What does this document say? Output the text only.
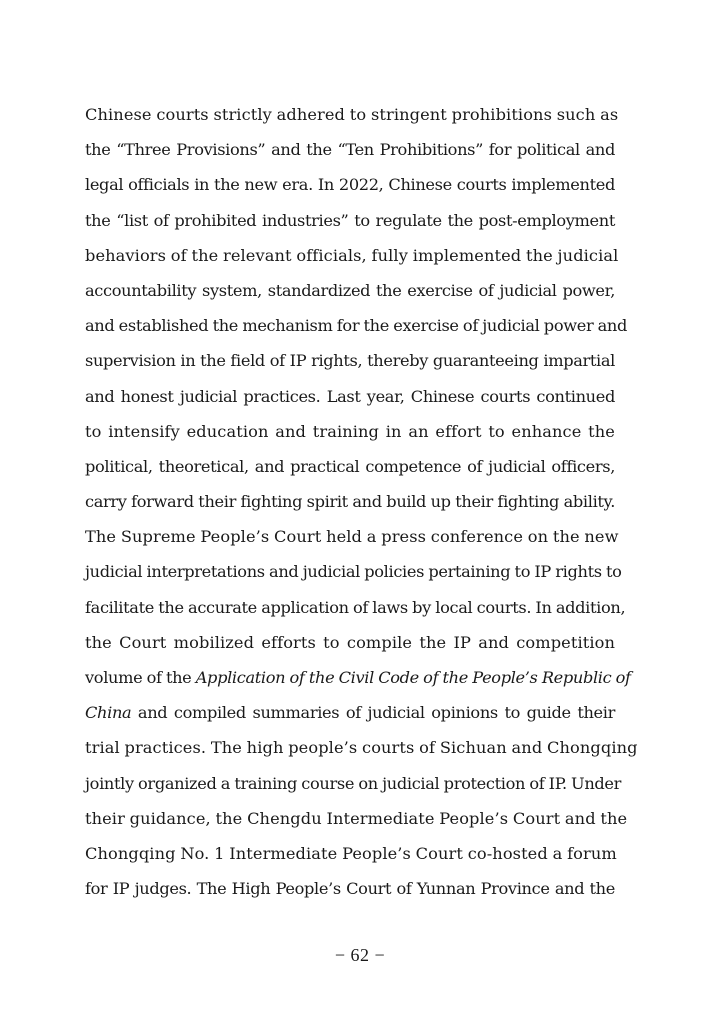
Chinese courts strictly adhered to stringent prohibitions such as
the “Three Provisions” and the “Ten Prohibitions” for political and
legal officials in the new era. In 2022, Chinese courts implemented
the “list of prohibited industries” to regulate the post-employment
behaviors of the relevant officials, fully implemented the judicial
accountability system, standardized the exercise of judicial power,
and established the mechanism for the exercise of judicial power and
supervision in the field of IP rights, thereby guaranteeing impartial
and honest judicial practices. Last year, Chinese courts continued
to intensify education and training in an effort to enhance the
political, theoretical, and practical competence of judicial officers,
carry forward their fighting spirit and build up their fighting ability.
The Supreme People’s Court held a press conference on the new
judicial interpretations and judicial policies pertaining to IP rights to
facilitate the accurate application of laws by local courts. In addition,
the Court mobilized efforts to compile the IP and competition
volume of the Application of the Civil Code of the People’s Republic of
China and compiled summaries of judicial opinions to guide their
trial practices. The high people’s courts of Sichuan and Chongqing
jointly organized a training course on judicial protection of IP. Under
their guidance, the Chengdu Intermediate People’s Court and the
Chongqing No. 1 Intermediate People’s Court co-hosted a forum
for IP judges. The High People’s Court of Yunnan Province and the
− 62 −
